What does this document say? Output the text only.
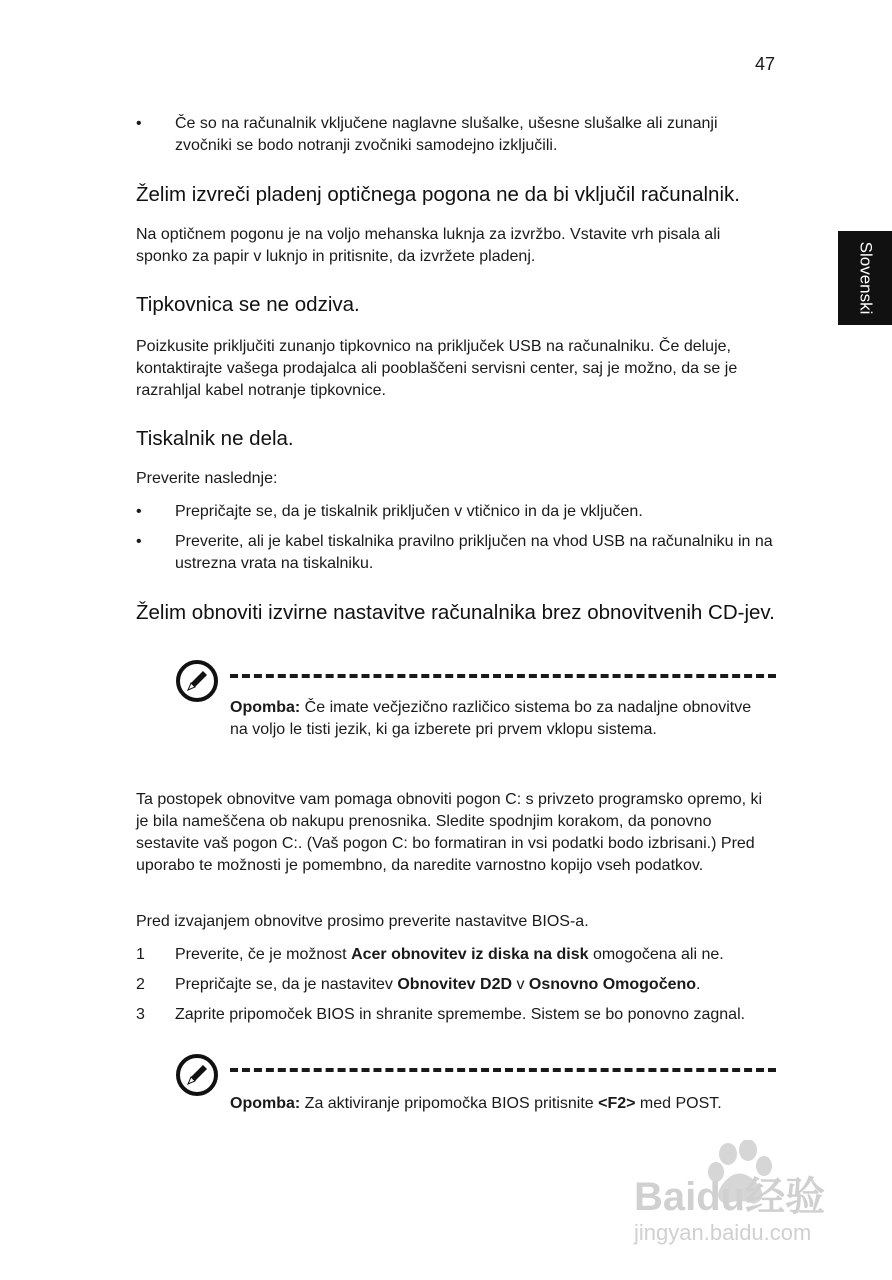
47
Slovenski
•	Če so na računalnik vključene naglavne slušalke, ušesne slušalke ali zunanji zvočniki se bodo notranji zvočniki samodejno izključili.
Želim izvreči pladenj optičnega pogona ne da bi vključil računalnik.

Na optičnem pogonu je na voljo mehanska luknja za izvržbo. Vstavite vrh pisala ali sponko za papir v luknjo in pritisnite, da izvržete pladenj.

Tipkovnica se ne odziva.

Poizkusite priključiti zunanjo tipkovnico na priključek USB na računalniku. Če deluje, kontaktirajte vašega prodajalca ali pooblaščeni servisni center, saj je možno, da se je razrahljal kabel notranje tipkovnice.

Tiskalnik ne dela.

Preverite naslednje:

•	Prepričajte se, da je tiskalnik priključen v vtičnico in da je vključen.
•	Preverite, ali je kabel tiskalnika pravilno priključen na vhod USB na računalniku in na ustrezna vrata na tiskalniku.
Želim obnoviti izvirne nastavitve računalnika brez obnovitvenih CD-jev.
Opomba: Če imate večjezično različico sistema bo za nadaljne obnovitve na voljo le tisti jezik, ki ga izberete pri prvem vklopu sistema.

Ta postopek obnovitve vam pomaga obnoviti pogon C: s privzeto programsko opremo, ki je bila nameščena ob nakupu prenosnika. Sledite spodnjim korakom, da ponovno sestavite vaš pogon C:. (Vaš pogon C: bo formatiran in vsi podatki bodo izbrisani.) Pred uporabo te možnosti je pomembno, da naredite varnostno kopijo vseh podatkov.

Pred izvajanjem obnovitve prosimo preverite nastavitve BIOS-a.

1 Preverite, če je možnost Acer obnovitev iz diska na disk omogočena ali ne.
2 Prepričajte se, da je nastavitev Obnovitev D2D v Osnovno Omogočeno.
3 Zaprite pripomoček BIOS in shranite spremembe. Sistem se bo ponovno zagnal.
Opomba: Za aktiviranje pripomočka BIOS pritisnite <F2> med POST.
Baidu经验
jingyan.baidu.com
